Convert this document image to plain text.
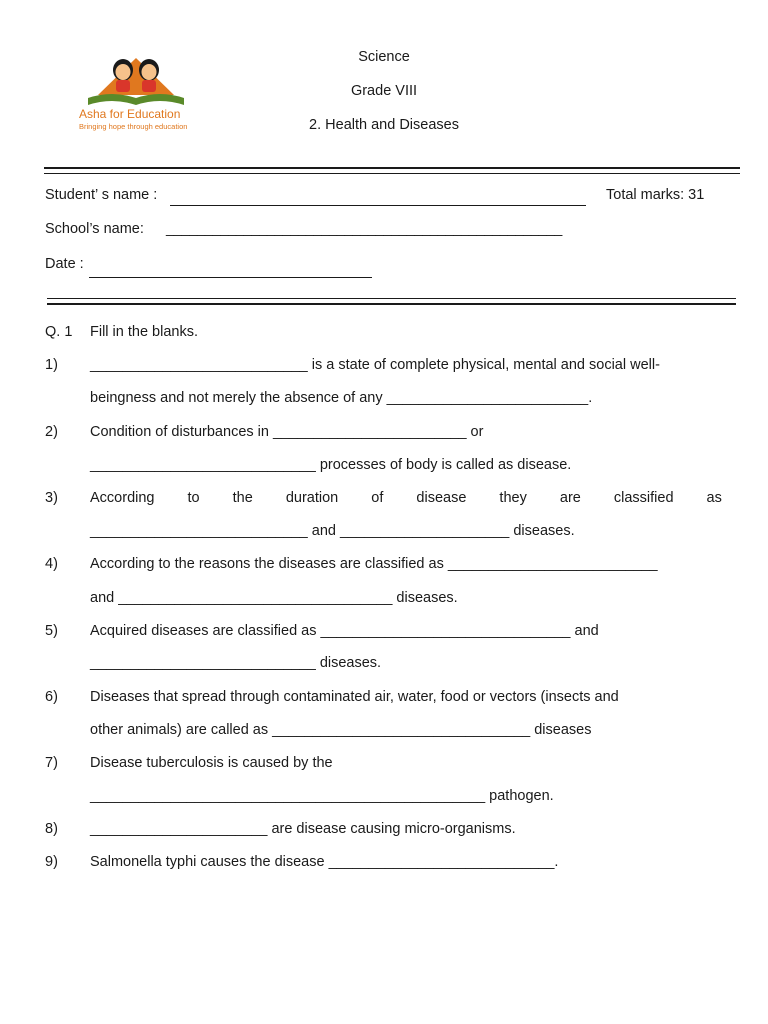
Asha for Education
Bringing hope through education
Science
Grade VIII
2. Health and Diseases
Student’ s name :	Total marks: 31
School’s name: ___________________________________________________
Date :
Q. 1	Fill in the blanks.
1)	___________________________ is a state of complete physical, mental and social well-
beingness and not merely the absence of any _________________________.
2)	Condition of disturbances in ________________________ or
____________________________ processes of body is called as disease.
3)	According to the duration of disease they are classified as
___________________________ and _____________________ diseases.
4)	According to the reasons the diseases are classified as __________________________
and __________________________________ diseases.
5)	Acquired diseases are classified as _______________________________ and
____________________________ diseases.
6)	Diseases that spread through contaminated air, water, food or vectors (insects and
other animals) are called as ________________________________ diseases
7)	Disease tuberculosis is caused by the
_________________________________________________ pathogen.
8)	______________________ are disease causing micro-organisms.
9)	Salmonella typhi causes the disease ____________________________.
